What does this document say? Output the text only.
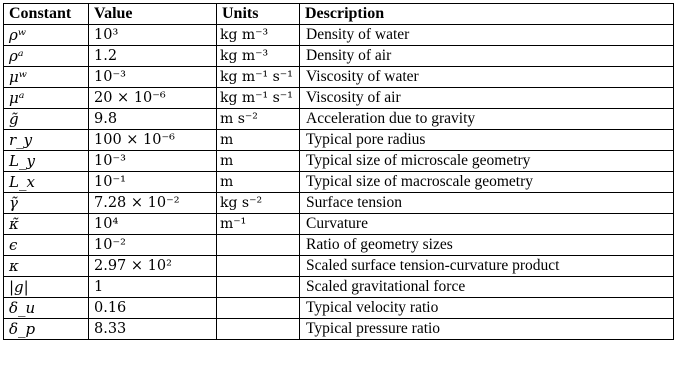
Constant	Value	Units	Description
ρʷ	10³	kg m⁻³	Density of water
ρᵃ	1.2	kg m⁻³	Density of air
μʷ	10⁻³	kg m⁻¹ s⁻¹	Viscosity of water
μᵃ	20 × 10⁻⁶	kg m⁻¹ s⁻¹	Viscosity of air
g̃	9.8	m s⁻²	Acceleration due to gravity
r_y	100 × 10⁻⁶	m	Typical pore radius
L_y	10⁻³	m	Typical size of microscale geometry
L_x	10⁻¹	m	Typical size of macroscale geometry
γ̃	7.28 × 10⁻²	kg s⁻²	Surface tension
κ̃	10⁴	m⁻¹	Curvature
ϵ	10⁻²		Ratio of geometry sizes
κ	2.97 × 10²		Scaled surface tension-curvature product
|g|	1		Scaled gravitational force
δ_u	0.16		Typical velocity ratio
δ_p	8.33		Typical pressure ratio
